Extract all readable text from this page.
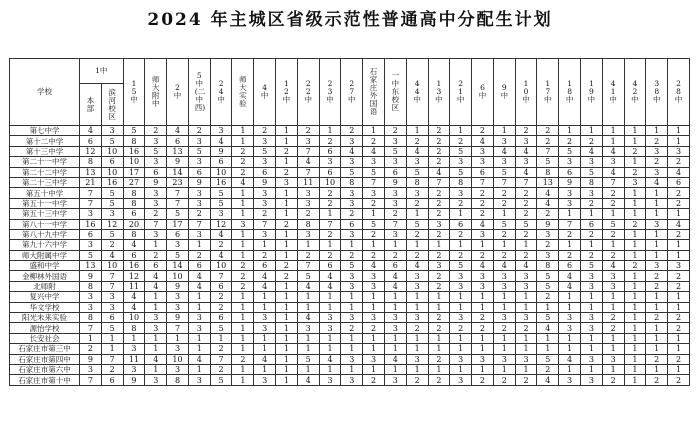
2024 年主城区省级示范性普通高中分配生计划
学校	1中		15中	师大附中	2中	5中(二中西)	24中	师大实验	4中	12中	22中	23中	27中	石家庄外国语	一中东校区	44中	13中	21中	6中	9中	10中	17中	18中	19中	41中	42中	38中	28中
	本部	滨河校区																										
第七中学	4	3	5	2	4	2	3	1	2	1	2	1	2	1	2	1	2	1	2	1	2	2	1	1	1	1	1	1
第十二中学	6	5	8	3	6	3	4	1	3	1	3	2	3	2	3	2	2	2	4	3	3	2	2	2	1	1	2	1
第十三中学	12	10	16	5	13	5	9	2	5	2	7	6	4	4	5	4	2	5	3	4	4	7	5	4	4	2	3	3
第二十一中学	8	6	10	3	9	3	6	2	3	1	4	3	3	3	3	3	2	3	3	3	3	5	3	3	3	1	2	2
第二十二中学	13	10	17	6	14	6	10	2	6	2	7	6	5	5	6	5	4	5	6	5	4	8	6	5	4	2	3	4
第二十三中学	21	16	27	9	23	9	16	4	9	3	11	10	8	7	9	8	7	8	7	7	7	13	9	8	7	3	4	6
第五十中学	7	5	8	3	7	3	5	1	3	1	3	2	3	3	3	3	2	3	2	2	2	4	3	3	2	1	1	2
第五十一中学	7	5	8	3	7	3	5	1	3	1	3	2	3	2	3	2	2	2	2	2	2	4	3	2	2	1	1	2
第五十三中学	3	3	6	2	5	2	3	1	2	1	2	1	2	1	2	1	2	1	2	1	2	2	1	1	1	1	1	1
第八十一中学	16	12	20	7	17	7	12	3	7	2	8	7	6	5	7	5	3	6	4	5	5	9	7	6	5	2	3	4
第八十九中学	6	5	8	3	6	3	4	1	3	1	3	2	3	2	3	2	2	2	3	2	2	3	2	2	2	1	1	2
第九十六中学	3	2	4	1	3	1	2	1	1	1	1	1	1	1	1	1	1	1	1	1	1	2	1	1	1	1	1	1
师大附属中学	5	4	6	2	5	2	4	1	2	1	2	2	2	2	2	2	2	2	2	2	2	3	2	2	2	1	1	1
盛和中学	13	10	16	6	14	6	10	2	6	2	7	6	5	4	6	4	3	5	4	4	4	8	6	5	4	2	3	3
金柳林外国语	9	7	12	4	10	4	7	2	4	2	5	4	3	3	4	3	2	3	3	3	3	5	4	3	3	1	2	2
北师附	8	7	11	4	9	4	6	2	4	1	4	4	3	3	4	3	2	3	3	3	3	5	4	3	3	1	2	2
复兴中学	3	3	4	1	3	1	2	1	1	1	1	1	1	1	1	1	1	1	1	1	1	2	1	1	1	1	1	1
华文学校	3	3	4	1	3	1	2	1	1	1	1	1	1	1	1	1	1	1	1	1	1	1	1	1	1	1	1	1
阳光未来实验	8	6	10	3	9	3	6	1	3	1	4	3	3	3	3	3	2	3	2	3	3	5	3	3	2	1	2	2
源怡学校	7	5	8	3	7	3	5	1	3	1	3	3	2	2	3	2	2	2	2	2	2	4	3	3	2	1	1	2
长安社会	1	1	1	1	1	1	1	1	1	1	1	1	1	1	1	1	1	1	1	1	1	1	1	1	1	1	1	1
石家庄市第三中	2	1	3	1	3	1	2	1	1	1	1	1	1	1	1	1	1	1	1	1	1	1	1	1	1	1	1	1
石家庄市第四中	9	7	11	4	10	4	7	2	4	1	5	4	3	3	4	3	2	3	3	3	3	5	4	3	3	1	2	2
石家庄市第六中	3	2	3	1	3	1	2	1	1	1	1	1	1	1	1	1	1	1	1	1	1	2	1	1	1	1	1	1
石家庄市第十中	7	6	9	3	8	3	5	1	3	1	4	3	3	2	3	2	2	3	2	2	2	4	3	3	2	1	2	2
